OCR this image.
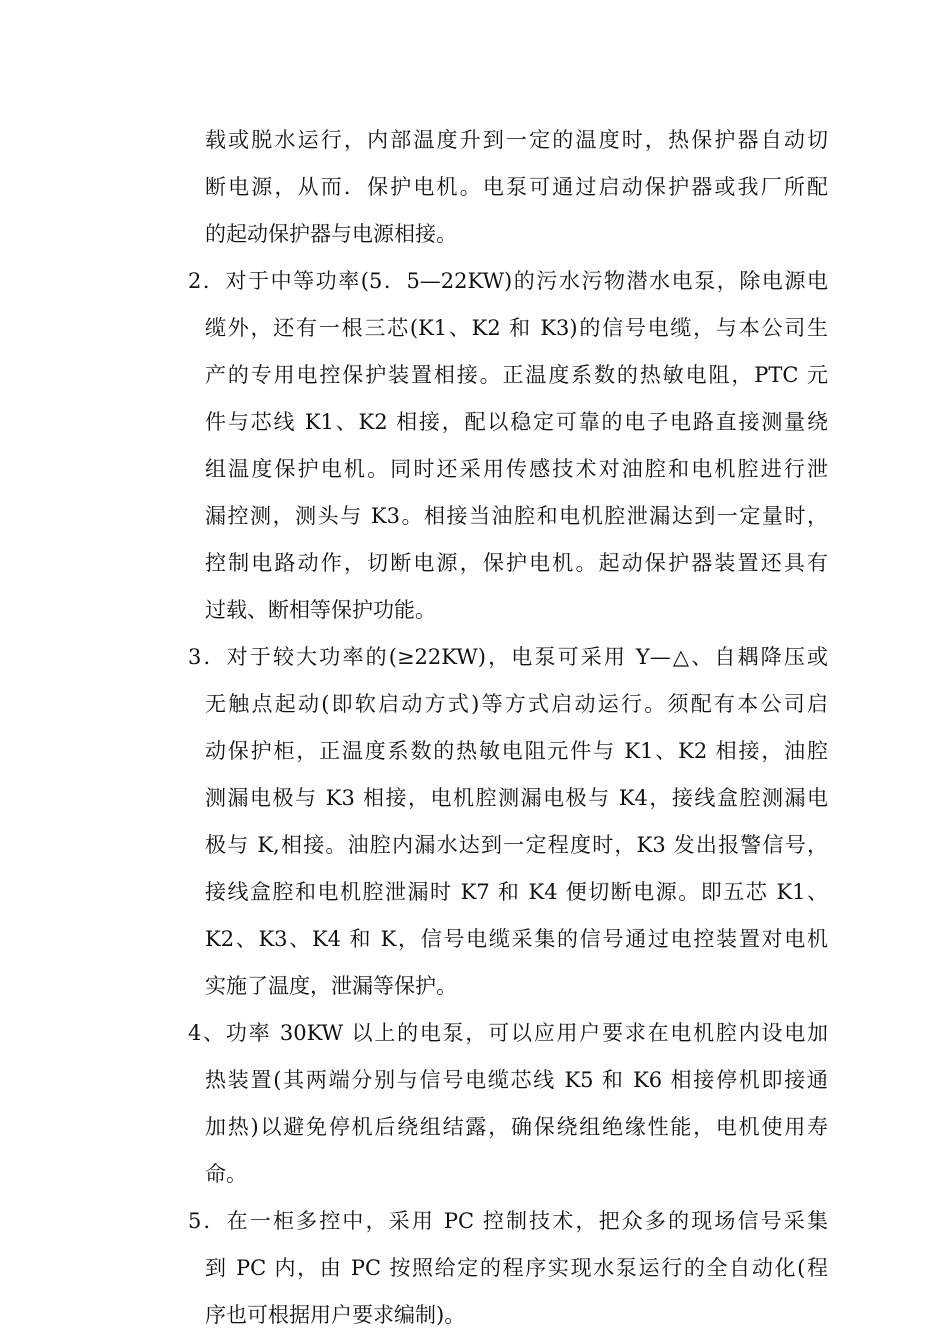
载或脱水运行，内部温度升到一定的温度时，热保护器自动切
断电源，从而．保护电机。电泵可通过启动保护器或我厂所配
的起动保护器与电源相接。
2．对于中等功率(5．5—22KW)的污水污物潜水电泵，除电源电
缆外，还有一根三芯(K1、K2 和 K3)的信号电缆，与本公司生
产的专用电控保护装置相接。正温度系数的热敏电阻，PTC 元
件与芯线 K1、K2 相接，配以稳定可靠的电子电路直接测量绕
组温度保护电机。同时还采用传感技术对油腔和电机腔进行泄
漏控测，测头与 K3。相接当油腔和电机腔泄漏达到一定量时，
控制电路动作，切断电源，保护电机。起动保护器装置还具有
过载、断相等保护功能。
3．对于较大功率的(≥22KW)，电泵可采用 Y—△、自耦降压或
无触点起动(即软启动方式)等方式启动运行。须配有本公司启
动保护柜，正温度系数的热敏电阻元件与 K1、K2 相接，油腔
测漏电极与 K3 相接，电机腔测漏电极与 K4，接线盒腔测漏电
极与 K,相接。油腔内漏水达到一定程度时，K3 发出报警信号，
接线盒腔和电机腔泄漏时 K7 和 K4 便切断电源。即五芯 K1、
K2、K3、K4 和 K，信号电缆采集的信号通过电控装置对电机
实施了温度，泄漏等保护。
4、功率 30KW 以上的电泵，可以应用户要求在电机腔内设电加
热装置(其两端分别与信号电缆芯线 K5 和 K6 相接停机即接通
加热)以避免停机后绕组结露，确保绕组绝缘性能，电机使用寿
命。
5．在一柜多控中，采用 PC 控制技术，把众多的现场信号采集
到 PC 内，由 PC 按照给定的程序实现水泵运行的全自动化(程
序也可根据用户要求编制)。
